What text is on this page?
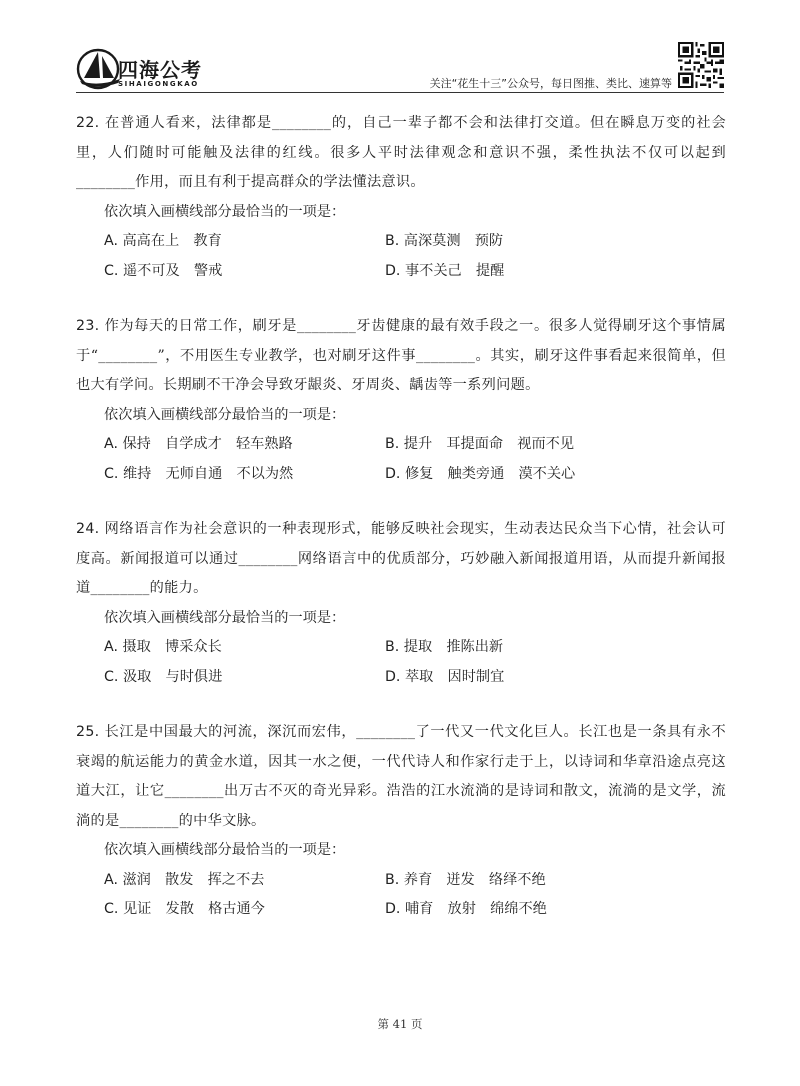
四海公考
SIHAIGONGKAO	关注“花生十三”公众号，每日图推、类比、速算等

22. 在普通人看来，法律都是________的，自己一辈子都不会和法律打交道。但在瞬息万变的社会里，人们随时可能触及法律的红线。很多人平时法律观念和意识不强，柔性执法不仅可以起到________作用，而且有利于提高群众的学法懂法意识。

依次填入画横线部分最恰当的一项是：

A. 高高在上　教育	B. 高深莫测　预防
C. 遥不可及　警戒	D. 事不关己　提醒

23. 作为每天的日常工作，刷牙是________牙齿健康的最有效手段之一。很多人觉得刷牙这个事情属于“________”，不用医生专业教学，也对刷牙这件事________。其实，刷牙这件事看起来很简单，但也大有学问。长期刷不干净会导致牙龈炎、牙周炎、龋齿等一系列问题。

依次填入画横线部分最恰当的一项是：

A. 保持　自学成才　轻车熟路	B. 提升　耳提面命　视而不见
C. 维持　无师自通　不以为然	D. 修复　触类旁通　漠不关心

24. 网络语言作为社会意识的一种表现形式，能够反映社会现实，生动表达民众当下心情，社会认可度高。新闻报道可以通过________网络语言中的优质部分，巧妙融入新闻报道用语，从而提升新闻报道________的能力。

依次填入画横线部分最恰当的一项是：

A. 摄取　博采众长	B. 提取　推陈出新
C. 汲取　与时俱进	D. 萃取　因时制宜

25. 长江是中国最大的河流，深沉而宏伟，________了一代又一代文化巨人。长江也是一条具有永不衰竭的航运能力的黄金水道，因其一水之便，一代代诗人和作家行走于上，以诗词和华章沿途点亮这道大江，让它________出万古不灭的奇光异彩。浩浩的江水流淌的是诗词和散文，流淌的是文学，流淌的是________的中华文脉。

依次填入画横线部分最恰当的一项是：

A. 滋润　散发　挥之不去	B. 养育　迸发　络绎不绝
C. 见证　发散　格古通今	D. 哺育　放射　绵绵不绝
第 41 页
